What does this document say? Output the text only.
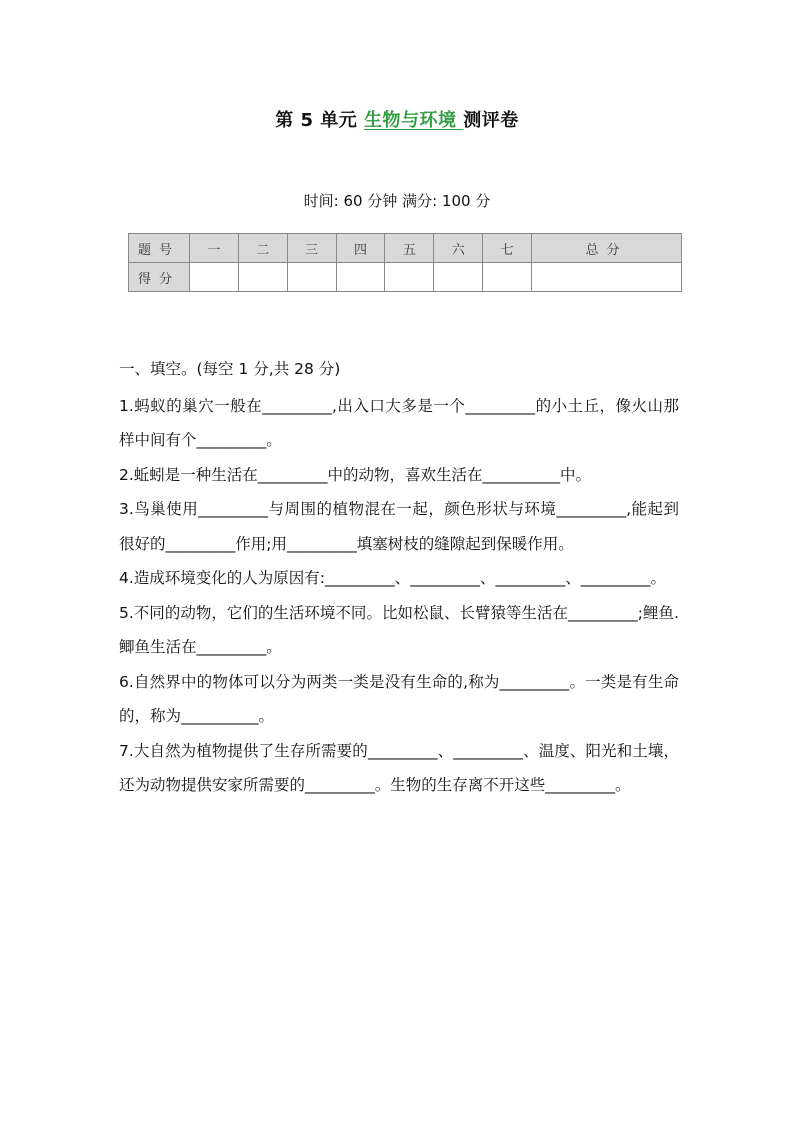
第 5 单元 生物与环境 测评卷
时间: 60 分钟 满分: 100 分
题号	一	二	三	四	五	六	七	总分
得分								

一、填空。(每空 1 分,共 28 分)

1.蚂蚁的巢穴一般在_________,出入口大多是一个_________的小土丘，像火山那样中间有个_________。

2.蚯蚓是一种生活在_________中的动物，喜欢生活在__________中。

3.鸟巢使用_________与周围的植物混在一起，颜色形状与环境_________,能起到很好的_________作用;用_________填塞树枝的缝隙起到保暖作用。

4.造成环境变化的人为原因有:_________、_________、_________、_________。

5.不同的动物，它们的生活环境不同。比如松鼠、长臂猿等生活在_________;鲤鱼.鲫鱼生活在_________。

6.自然界中的物体可以分为两类一类是没有生命的,称为_________。一类是有生命的，称为__________。

7.大自然为植物提供了生存所需要的_________、_________、温度、阳光和土壤，还为动物提供安家所需要的_________。生物的生存离不开这些_________。
